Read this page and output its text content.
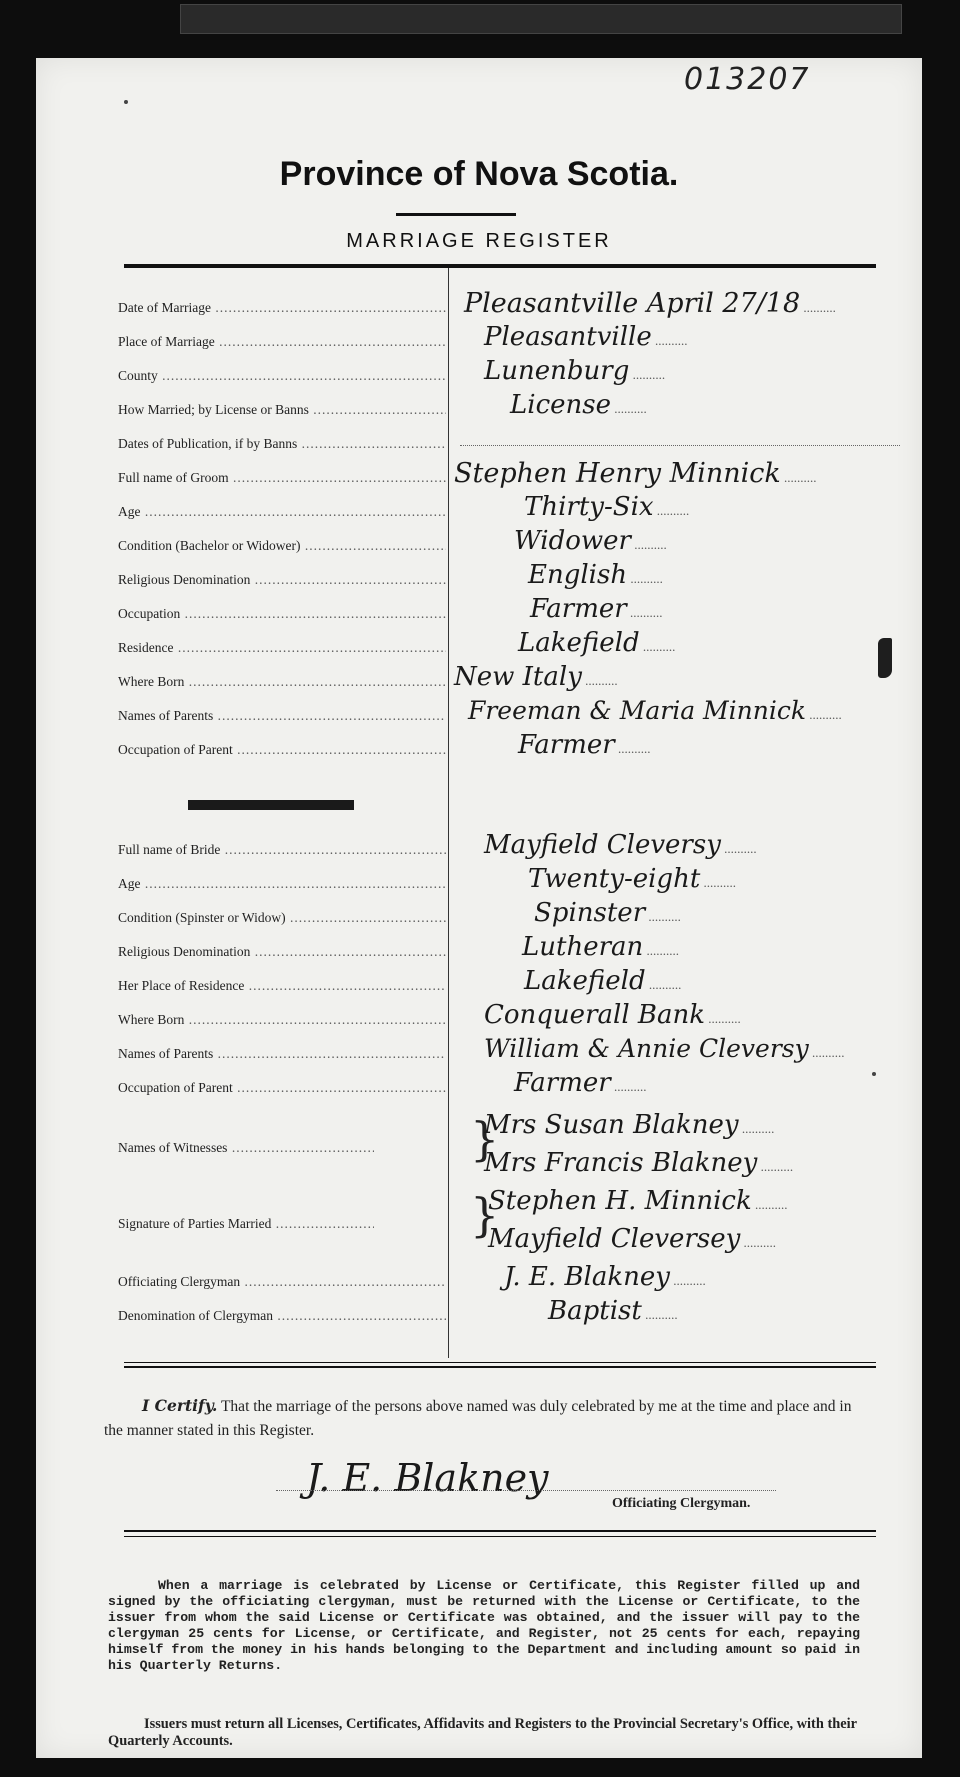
013207
Province of Nova Scotia.
MARRIAGE REGISTER
Date of Marriage .....	Pleasantville April 27/18 .....
Place of Marriage .....	Pleasantville .....
County .....	Lunenburg .....
How Married; by License or Banns .....	License .....
Dates of Publication, if by Banns .....
Full name of Groom .....	Stephen Henry Minnick .....
Age .....	Thirty-Six .....
Condition (Bachelor or Widower) .....	Widower .....
Religious Denomination .....	English .....
Occupation .....	Farmer .....
Residence .....	Lakefield .....
Where Born .....	New Italy .....
Names of Parents .....	Freeman & Maria Minnick .....
Occupation of Parent .....	Farmer .....
Full name of Bride .....	Mayfield Cleversy .....
Age .....	Twenty-eight .....
Condition (Spinster or Widow) .....	Spinster .....
Religious Denomination .....	Lutheran .....
Her Place of Residence .....	Lakefield .....
Where Born .....	Conquerall Bank .....
Names of Parents .....	William & Annie Cleversy .....
Occupation of Parent .....	Farmer .....
Names of Witnesses .....	}
Mrs Susan Blakney .....
Mrs Francis Blakney .....
Signature of Parties Married .....	}
Stephen H. Minnick .....
Mayfield Cleversey .....
Officiating Clergyman .....	J. E. Blakney .....
Denomination of Clergyman .....	Baptist .....
I Certify. That the marriage of the persons above named was duly celebrated by me at the time and place and in the manner stated in this Register.
J. E. Blakney
Officiating Clergyman.
When a marriage is celebrated by License or Certificate, this Register filled up and signed by the officiating clergyman, must be returned with the License or Certificate, to the issuer from whom the said License or Certificate was obtained, and the issuer will pay to the clergyman 25 cents for License, or Certificate, and Register, not 25 cents for each, repaying himself from the money in his hands belonging to the Department and including amount so paid in his Quarterly Returns.
Issuers must return all Licenses, Certificates, Affidavits and Registers to the Provincial Secretary's Office, with their Quarterly Accounts.
